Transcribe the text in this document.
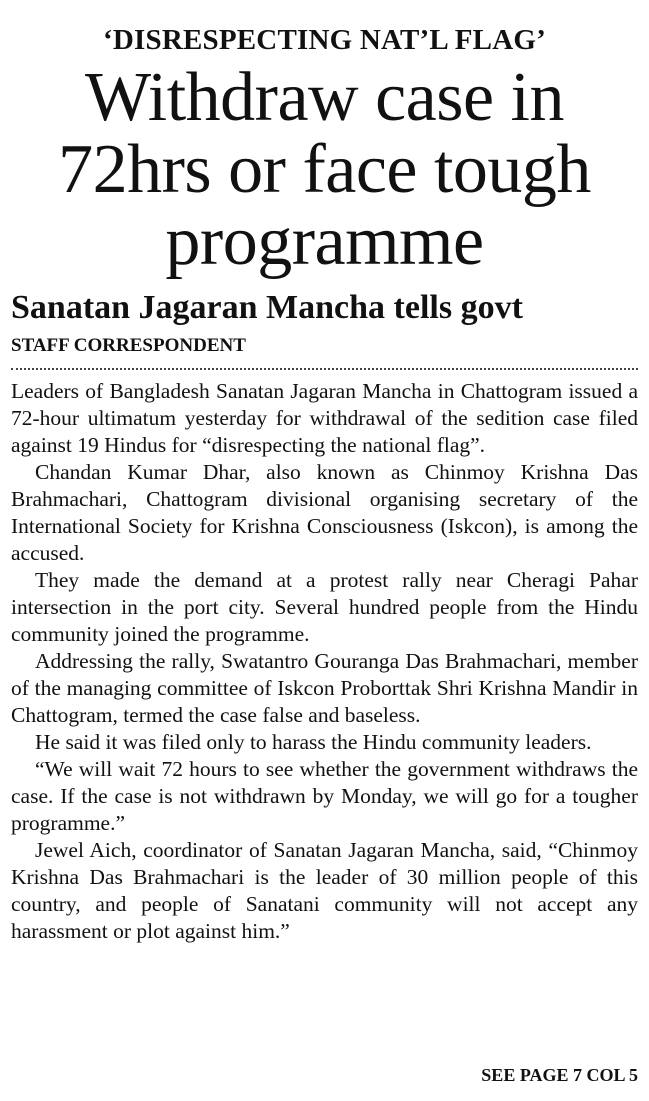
‘DISRESPECTING NAT’L FLAG’
Withdraw case in 72hrs or face tough programme
Sanatan Jagaran Mancha tells govt
STAFF CORRESPONDENT

Leaders of Bangladesh Sanatan Jagaran Mancha in Chattogram issued a 72-hour ultimatum yesterday for withdrawal of the sedition case filed against 19 Hindus for “disrespecting the national flag”.

Chandan Kumar Dhar, also known as Chinmoy Krishna Das Brahmachari, Chattogram divisional organising secretary of the International Society for Krishna Consciousness (Iskcon), is among the accused.

They made the demand at a protest rally near Cheragi Pahar intersection in the port city. Several hundred people from the Hindu community joined the programme.

Addressing the rally, Swatantro Gouranga Das Brahmachari, member of the managing committee of Iskcon Proborttak Shri Krishna Mandir in Chattogram, termed the case false and baseless.

He said it was filed only to harass the Hindu community leaders.

“We will wait 72 hours to see whether the government withdraws the case. If the case is not withdrawn by Monday, we will go for a tougher programme.”

Jewel Aich, coordinator of Sanatan Jagaran Mancha, said, “Chinmoy Krishna Das Brahmachari is the leader of 30 million people of this country, and people of Sanatani community will not accept any harassment or plot against him.”

SEE PAGE 7 COL 5
